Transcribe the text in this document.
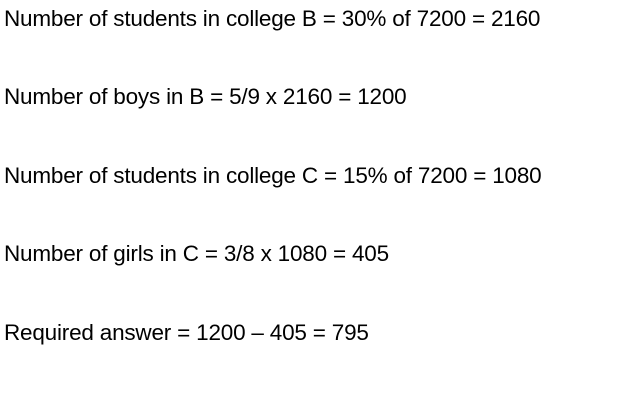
Number of students in college B = 30% of 7200 = 2160

Number of boys in B = 5/9 x 2160 = 1200

Number of students in college C = 15% of 7200 = 1080

Number of girls in C = 3/8 x 1080 = 405

Required answer = 1200 – 405 = 795
